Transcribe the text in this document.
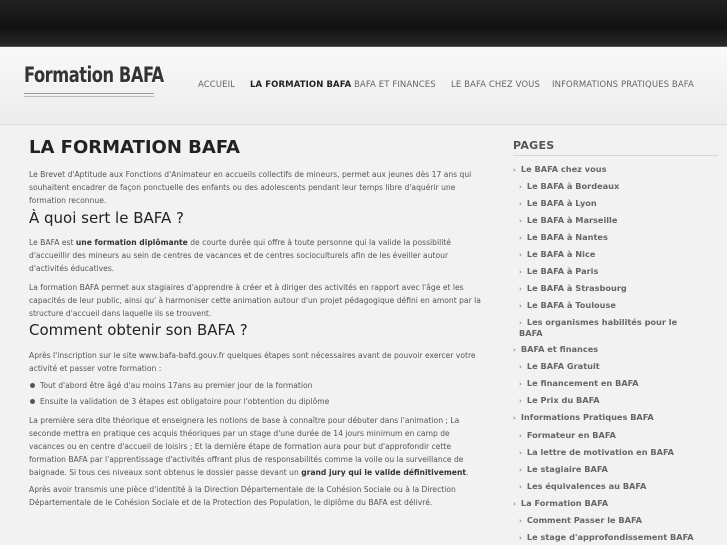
Formation BAFA	ACCUEIL LA FORMATION BAFA BAFA ET FINANCES LE BAFA CHEZ VOUS INFORMATIONS PRATIQUES BAFA
LA FORMATION BAFA

Le Brevet d'Aptitude aux Fonctions d'Animateur en accueils collectifs de mineurs, permet aux jeunes dès 17 ans qui souhaitent encadrer de façon ponctuelle des enfants ou des adolescents pendant leur temps libre d'aquérir une formation reconnue.

À quoi sert le BAFA ?

Le BAFA est une formation diplômante de courte durée qui offre à toute personne qui la valide la possibilité d'accueillir des mineurs au sein de centres de vacances et de centres socioculturels afin de les éveiller autour d'activités éducatives.

La formation BAFA permet aux stagiaires d'apprendre à créer et à diriger des activités en rapport avec l'âge et les capacités de leur public, ainsi qu' à harmoniser cette animation autour d'un projet pédagogique défini en amont par la structure d'accueil dans laquelle ils se trouvent.

Comment obtenir son BAFA ?

Après l'inscription sur le site www.bafa-bafd.gouv.fr quelques étapes sont nécessaires avant de pouvoir exercer votre activité et passer votre formation :

Tout d'abord être âgé d'au moins 17ans au premier jour de la formation
Ensuite la validation de 3 étapes est obligatoire pour l'obtention du diplôme

La première sera dite théorique et enseignera les notions de base à connaître pour débuter dans l'animation ; La seconde mettra en pratique ces acquis théoriques par un stage d'une durée de 14 jours minimum en camp de vacances ou en centre d'accueil de loisirs ; Et la dernière étape de formation aura pour but d'approfondir cette formation BAFA par l'apprentissage d'activités offrant plus de responsabilités comme la voile ou la surveillance de baignade. Si tous ces niveaux sont obtenus le dossier passe devant un grand jury qui le valide définitivement.

Après avoir transmis une pièce d'identité à la Direction Départementale de la Cohésion Sociale ou à la Direction Départementale de le Cohésion Sociale et de la Protection des Population, le diplôme du BAFA est délivré.

PAGES
› Le BAFA chez vous
› Le BAFA à Bordeaux
› Le BAFA à Lyon
› Le BAFA à Marseille
› Le BAFA à Nantes
› Le BAFA à Nice
› Le BAFA à Paris
› Le BAFA à Strasbourg
› Le BAFA à Toulouse
› Les organismes habilités pour le BAFA
› BAFA et finances
› Le BAFA Gratuit
› Le financement en BAFA
› Le Prix du BAFA
› Informations Pratiques BAFA
› Formateur en BAFA
› La lettre de motivation en BAFA
› Le stagiaire BAFA
› Les équivalences au BAFA
› La Formation BAFA
› Comment Passer le BAFA
› Le stage d'approfondissement BAFA
